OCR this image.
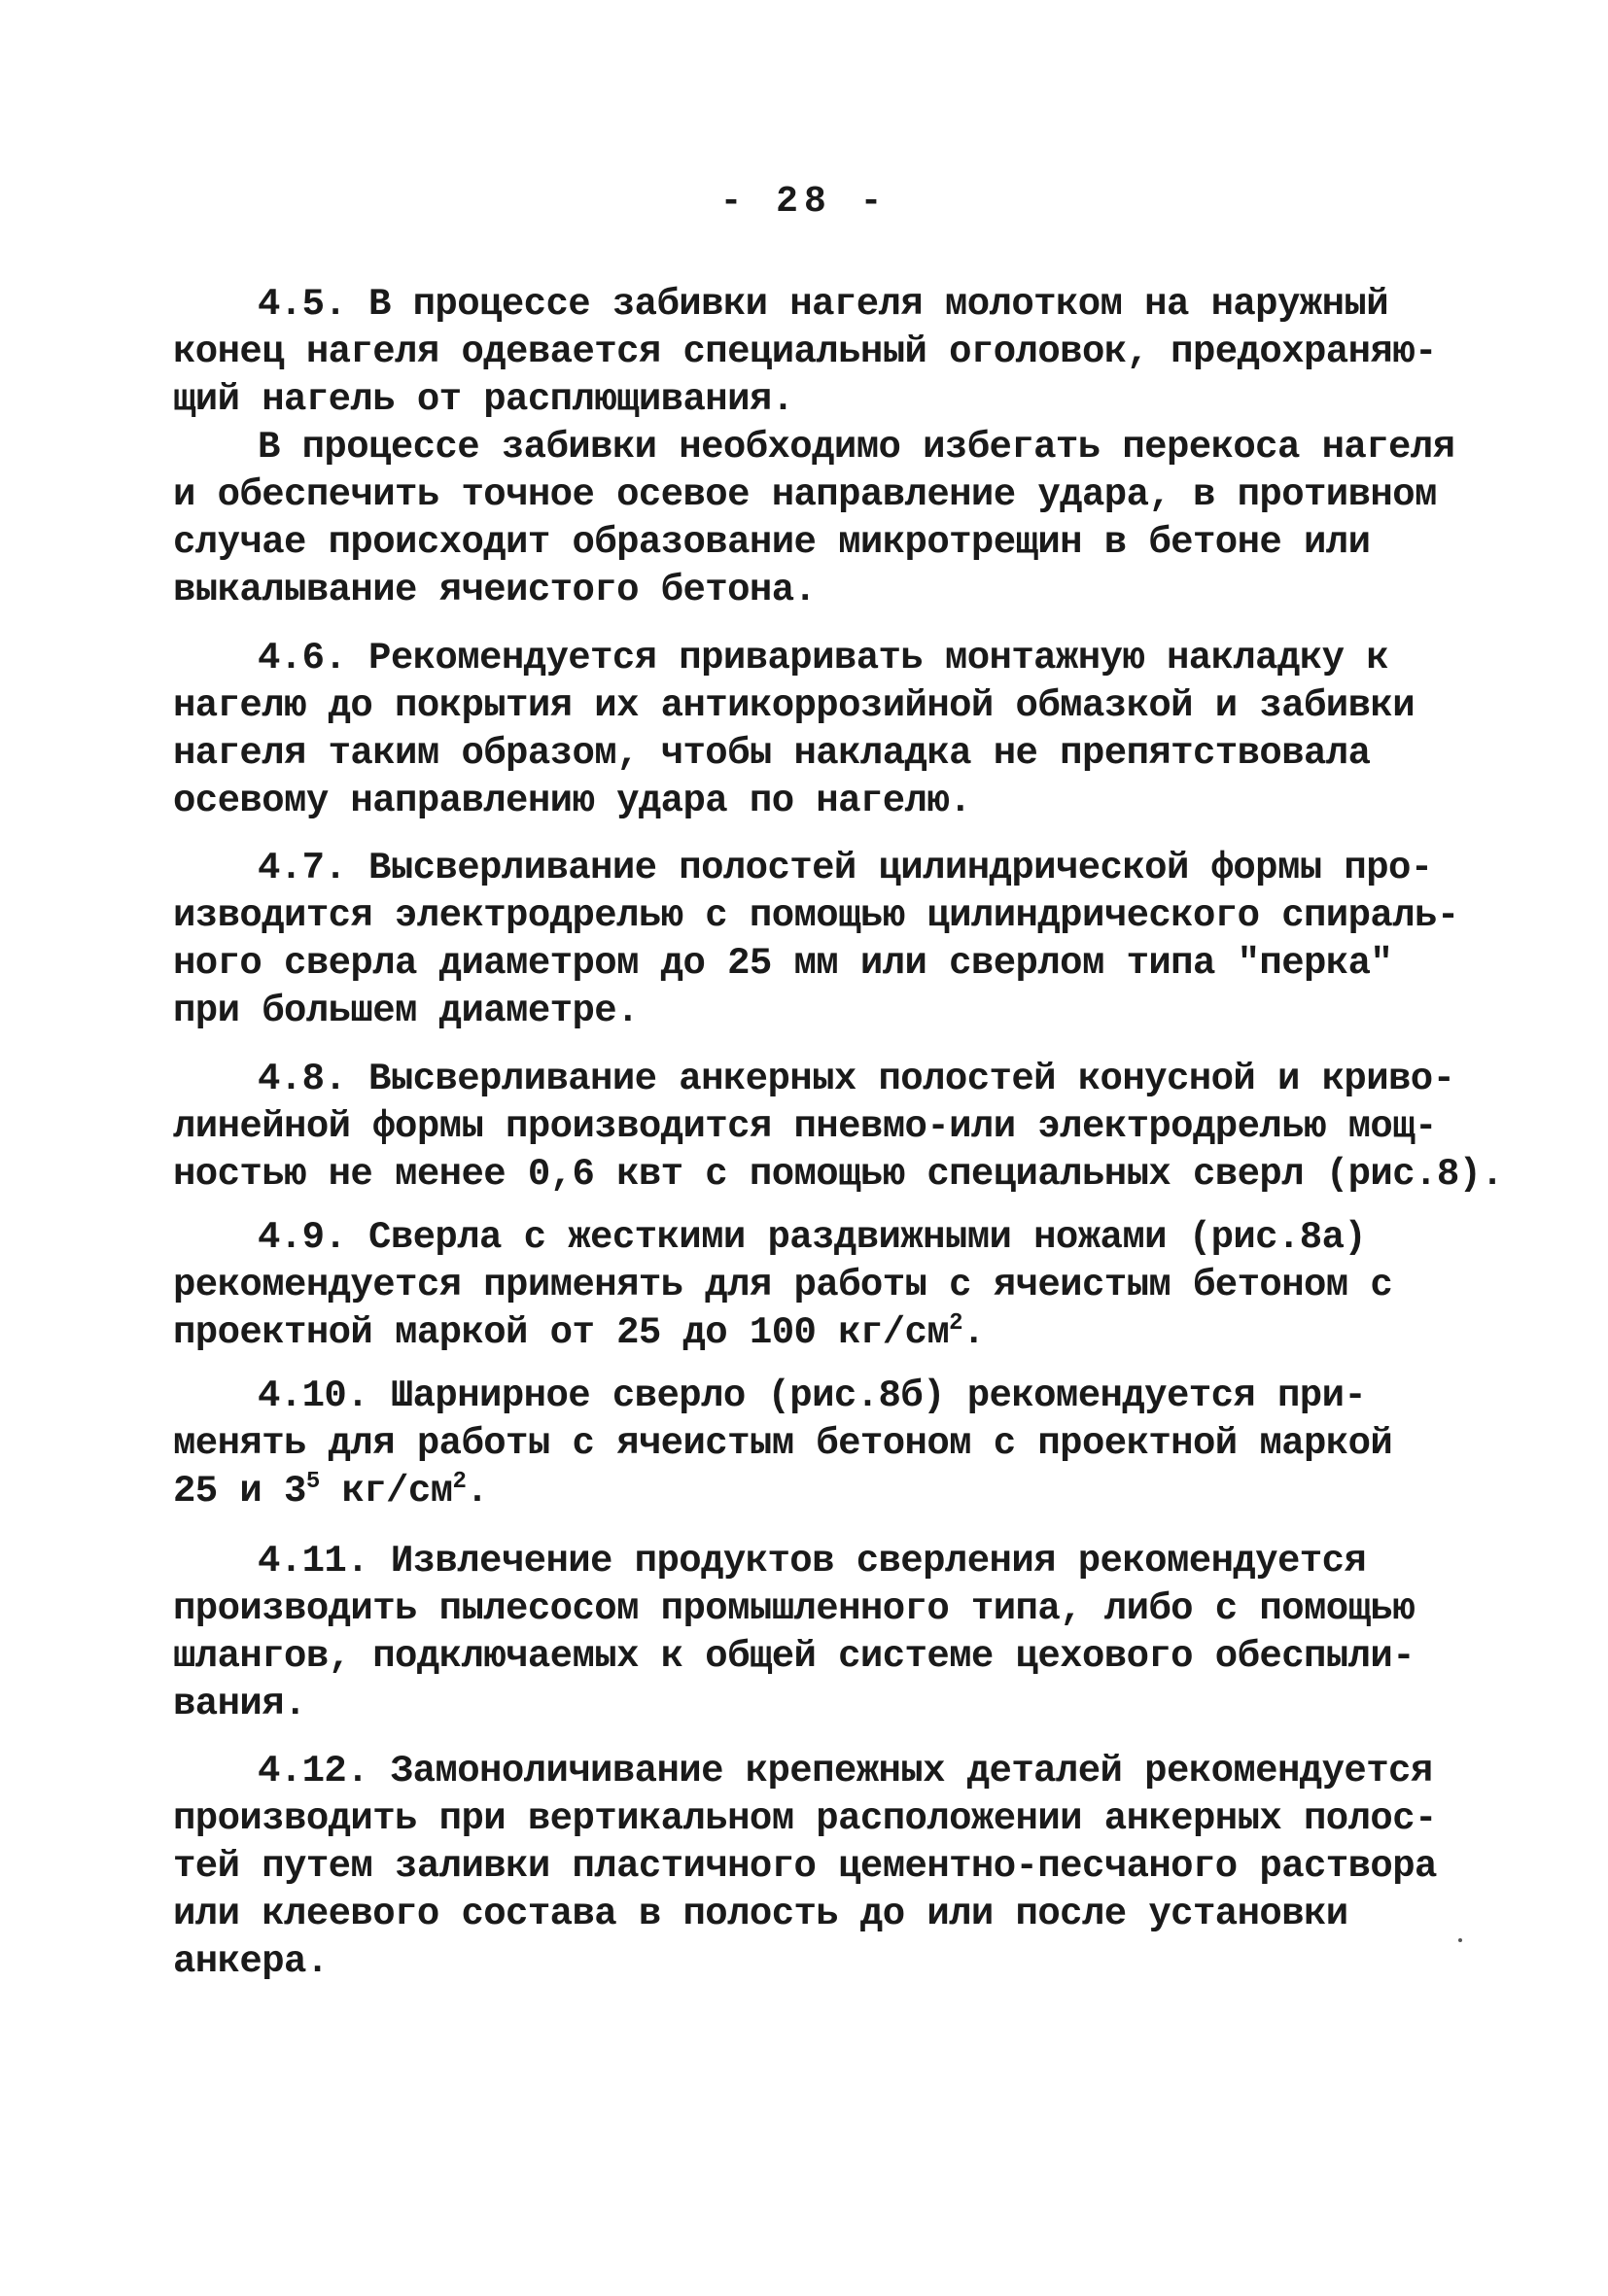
- 28 -
4.5. В процессе забивки нагеля молотком на наружный
конец нагеля одевается специальный оголовок, предохраняю-
щий нагель от расплющивания.
В процессе забивки необходимо избегать перекоса нагеля
и обеспечить точное осевое направление удара, в противном
случае происходит образование микротрещин в бетоне или
выкалывание ячеистого бетона.
4.6. Рекомендуется приваривать монтажную накладку к
нагелю до покрытия их антикоррозийной обмазкой и забивки
нагеля таким образом, чтобы накладка не препятствовала
осевому направлению удара по нагелю.
4.7. Высверливание полостей цилиндрической формы про-
изводится электродрелью с помощью цилиндрического спираль-
ного сверла диаметром до 25 мм или сверлом типа "перка"
при большем диаметре.
4.8. Высверливание анкерных полостей конусной и криво-
линейной формы производится пневмо-или электродрелью мощ-
ностью не менее 0,6 квт с помощью специальных сверл (рис.8).
4.9. Сверла с жесткими раздвижными ножами (рис.8а)
рекомендуется применять для работы с ячеистым бетоном с
проектной маркой от 25 до 100 $кг/см^2$.
4.10. Шарнирное сверло (рис.8б) рекомендуется при-
менять для работы с ячеистым бетоном с проектной маркой
25 и $3^5$ $кг/см^2$.
4.11. Извлечение продуктов сверления рекомендуется
производить пылесосом промышленного типа, либо с помощью
шлангов, подключаемых к общей системе цехового обеспыли-
вания.
4.12. Замоноличивание крепежных деталей рекомендуется
производить при вертикальном расположении анкерных полос-
тей путем заливки пластичного цементно-песчаного раствора
или клеевого состава в полость до или после установки
анкера.
